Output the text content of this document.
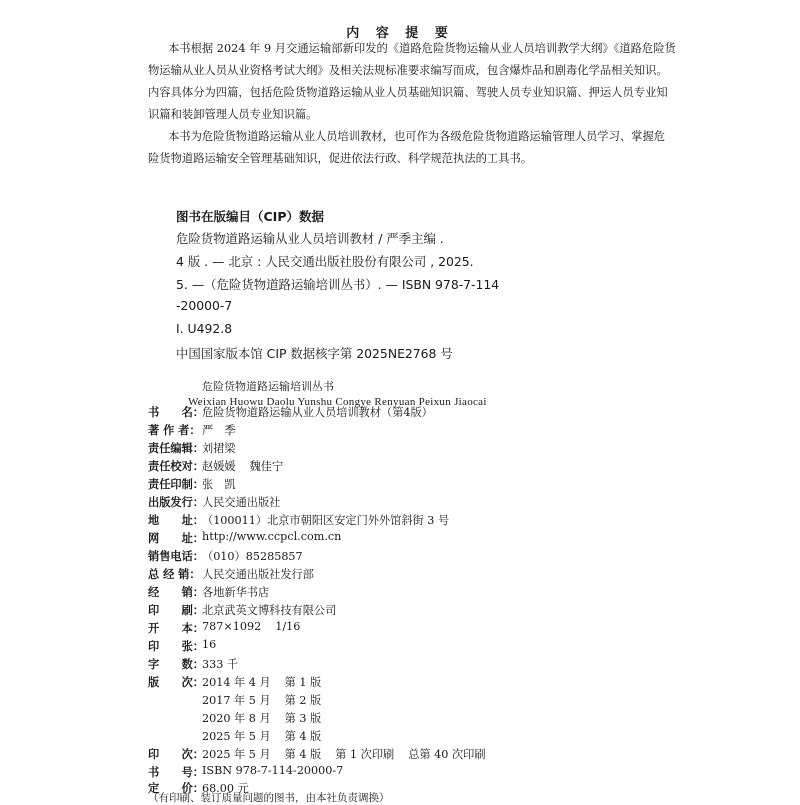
内 容 提 要
本书根据 2024 年 9 月交通运输部新印发的《道路危险货物运输从业人员培训教学大纲》《道路危险货
物运输从业人员从业资格考试大纲》及相关法规标准要求编写而成，包含爆炸品和剧毒化学品相关知识。
内容具体分为四篇，包括危险货物道路运输从业人员基础知识篇、驾驶人员专业知识篇、押运人员专业知
识篇和装卸管理人员专业知识篇。
本书为危险货物道路运输从业人员培训教材，也可作为各级危险货物道路运输管理人员学习、掌握危
险货物道路运输安全管理基础知识，促进依法行政、科学规范执法的工具书。
图书在版编目（CIP）数据
危险货物道路运输从业人员培训教材 / 严季主编 .
4 版 . — 北京 : 人民交通出版社股份有限公司 , 2025.
5. —（危险货物道路运输培训丛书）. — ISBN 978-7-114
-20000-7
Ⅰ. U492.8
中国国家版本馆 CIP 数据核字第 2025NE2768 号
危险货物道路运输培训丛书
Weixian Huowu Daolu Yunshu Congye Renyuan Peixun Jiaocai
书　　名：
危险货物道路运输从业人员培训教材（第4版）
著 作 者： 严　季
责任编辑：
刘捃梁
责任校对：
赵媛媛 魏佳宁
责任印制：
张　凯
出版发行：
人民交通出版社
地　　址：
（100011）北京市朝阳区安定门外外馆斜街 3 号
网　　址：
http://www.ccpcl.com.cn
销售电话：
（010）85285857
总 经 销： 人民交通出版社发行部
经　　销：
各地新华书店
印　　刷：
北京武英文博科技有限公司
开　　本：
787×1092 1/16
印　　张：
16
字　　数：
333 千
版　　次：
2014 年 4 月 第 1 版
2017 年 5 月 第 2 版
2020 年 8 月 第 3 版
2025 年 5 月 第 4 版
印　　次：
2025 年 5 月 第 4 版 第 1 次印刷 总第 40 次印刷
书　　号：
ISBN 978-7-114-20000-7
定　　价：
68.00 元
（有印刷、装订质量问题的图书，由本社负责调换）
